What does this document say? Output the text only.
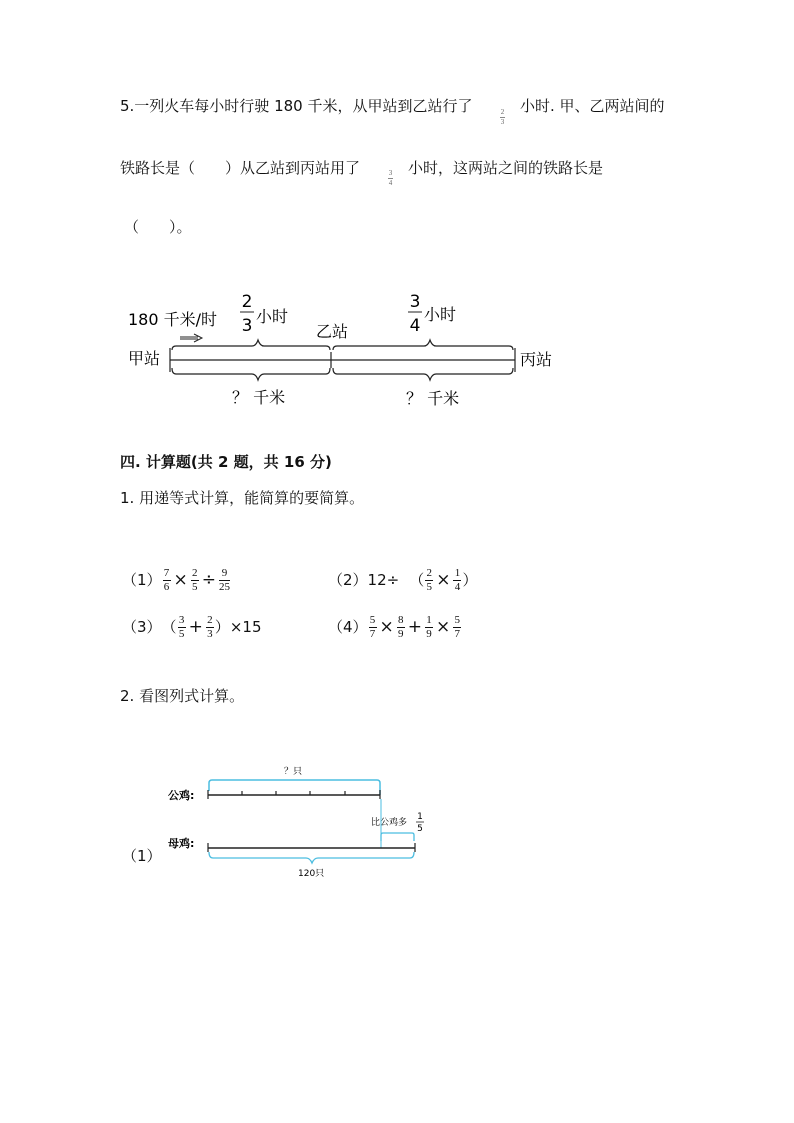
5.一列火车每小时行驶 180 千米，从甲站到乙站行了	2
3
小时. 甲、乙两站间的
铁路长是（　　）从乙站到丙站用了	3
4
小时，这两站之间的铁路长是
（　　）。
180 千米/时
2
3 小时
3
4
小时
甲站
乙站
丙站
？ 千米	？ 千米
四. 计算题(共 2 题，共 16 分)
1. 用递等式计算，能简算的要简算。
$(1) \frac{7}{6} \times \frac{2}{5} \div \frac{9}{25}$	（2） 12÷ （ $\frac{2}{5} \times \frac{1}{4}$ ）
（3） （ $\frac{3}{5} + \frac{2}{3}$ ） ×15	$(4) \frac{5}{7} \times \frac{8}{9} + \frac{1}{9} \times \frac{5}{7}$
2. 看图列式计算。
（1）
？只
公鸡:
比公鸡多
1
5
母鸡:
120只
